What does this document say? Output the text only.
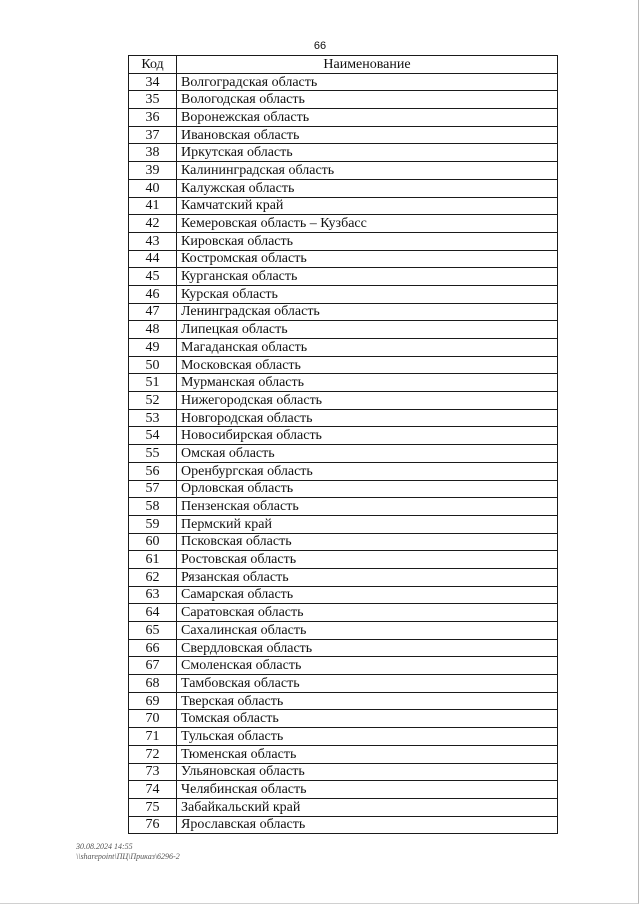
66
Код	Наименование
34	Волгоградская область
35	Вологодская область
36	Воронежская область
37	Ивановская область
38	Иркутская область
39	Калининградская область
40	Калужская область
41	Камчатский край
42	Кемеровская область – Кузбасс
43	Кировская область
44	Костромская область
45	Курганская область
46	Курская область
47	Ленинградская область
48	Липецкая область
49	Магаданская область
50	Московская область
51	Мурманская область
52	Нижегородская область
53	Новгородская область
54	Новосибирская область
55	Омская область
56	Оренбургская область
57	Орловская область
58	Пензенская область
59	Пермский край
60	Псковская область
61	Ростовская область
62	Рязанская область
63	Самарская область
64	Саратовская область
65	Сахалинская область
66	Свердловская область
67	Смоленская область
68	Тамбовская область
69	Тверская область
70	Томская область
71	Тульская область
72	Тюменская область
73	Ульяновская область
74	Челябинская область
75	Забайкальский край
76	Ярославская область
30.08.2024 14:55
\\sharepoint\ПЦ\Приказ\6296-2
